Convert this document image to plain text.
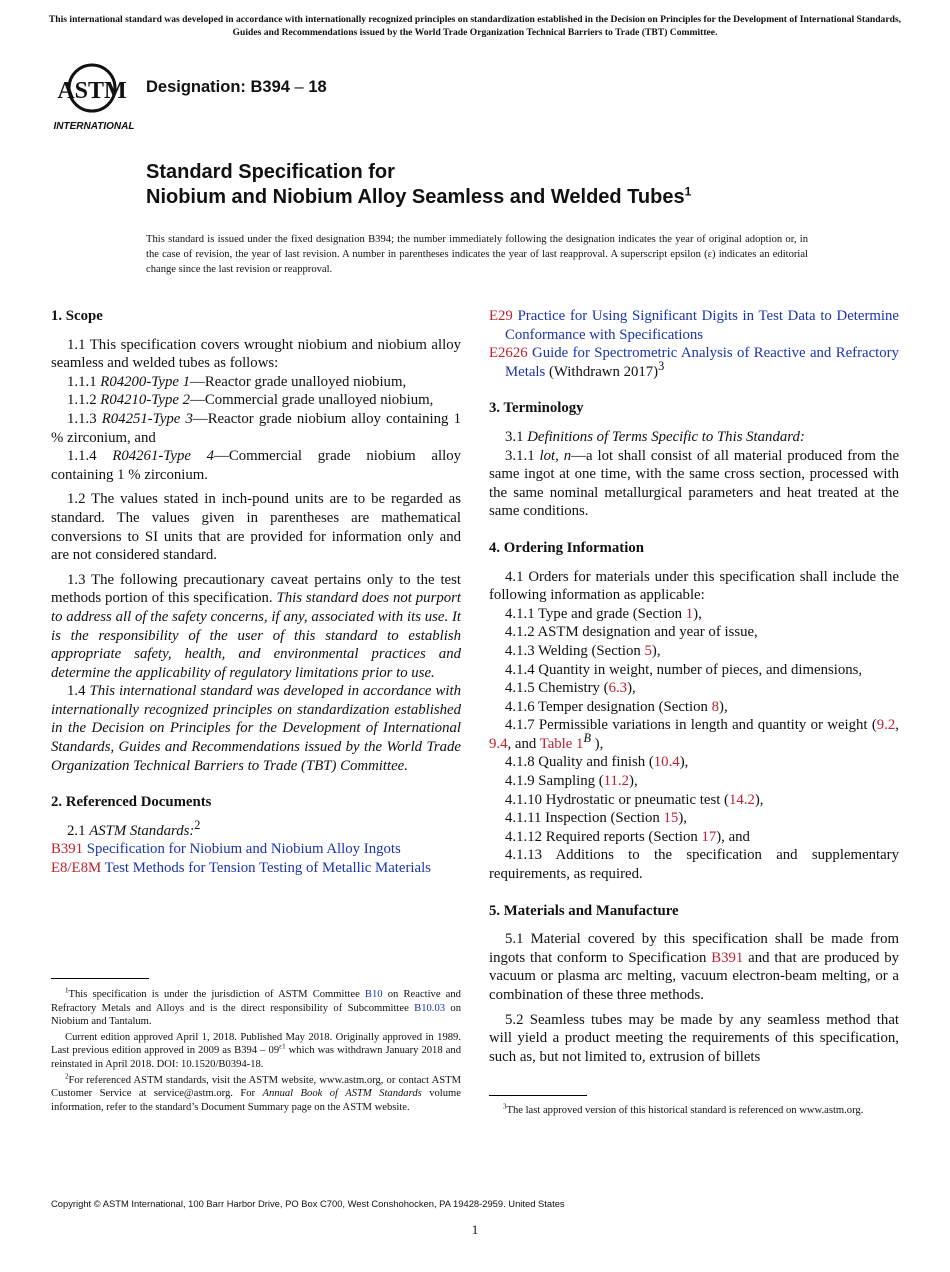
This international standard was developed in accordance with internationally recognized principles on standardization established in the Decision on Principles for the Development of International Standards, Guides and Recommendations issued by the World Trade Organization Technical Barriers to Trade (TBT) Committee.
ASTM
INTERNATIONAL
Designation: B394 – 18
Standard Specification for
Niobium and Niobium Alloy Seamless and Welded Tubes$^1$
This standard is issued under the fixed designation B394; the number immediately following the designation indicates the year of original adoption or, in the case of revision, the year of last revision. A number in parentheses indicates the year of last reapproval. A superscript epsilon (ε) indicates an editorial change since the last revision or reapproval.
1. Scope

1.1 This specification covers wrought niobium and niobium alloy seamless and welded tubes as follows:

1.1.1 R04200-Type 1—Reactor grade unalloyed niobium,

1.1.2 R04210-Type 2—Commercial grade unalloyed niobium,

1.1.3 R04251-Type 3—Reactor grade niobium alloy containing 1 % zirconium, and

1.1.4 R04261-Type 4—Commercial grade niobium alloy containing 1 % zirconium.

1.2 The values stated in inch-pound units are to be regarded as standard. The values given in parentheses are mathematical conversions to SI units that are provided for information only and are not considered standard.

1.3 The following precautionary caveat pertains only to the test methods portion of this specification. This standard does not purport to address all of the safety concerns, if any, associated with its use. It is the responsibility of the user of this standard to establish appropriate safety, health, and environmental practices and determine the applicability of regulatory limitations prior to use.

1.4 This international standard was developed in accordance with internationally recognized principles on standardization established in the Decision on Principles for the Development of International Standards, Guides and Recommendations issued by the World Trade Organization Technical Barriers to Trade (TBT) Committee.

2. Referenced Documents

2.1 ASTM Standards:$^2$

B391 Specification for Niobium and Niobium Alloy Ingots

E8/E8M Test Methods for Tension Testing of Metallic Materials

$^1$This specification is under the jurisdiction of ASTM Committee B10 on Reactive and Refractory Metals and Alloys and is the direct responsibility of Subcommittee B10.03 on Niobium and Tantalum.

Current edition approved April 1, 2018. Published May 2018. Originally approved in 1989. Last previous edition approved in 2009 as $B394 - 09^{\varepsilon 1}$ which was withdrawn January 2018 and reinstated in April 2018. DOI: 10.1520/B0394-18.

$^2$For referenced ASTM standards, visit the ASTM website, www.astm.org, or contact ASTM Customer Service at service@astm.org. For Annual Book of ASTM Standards volume information, refer to the standard’s Document Summary page on the ASTM website.

E29 Practice for Using Significant Digits in Test Data to Determine Conformance with Specifications

E2626 Guide for Spectrometric Analysis of Reactive and Refractory Metals (Withdrawn 2017)$^3$

3. Terminology

3.1 Definitions of Terms Specific to This Standard:

3.1.1 lot, n—a lot shall consist of all material produced from the same ingot at one time, with the same cross section, processed with the same nominal metallurgical parameters and heat treated at the same conditions.

4. Ordering Information

4.1 Orders for materials under this specification shall include the following information as applicable:

4.1.1 Type and grade (Section 1),

4.1.2 ASTM designation and year of issue,

4.1.3 Welding (Section 5),

4.1.4 Quantity in weight, number of pieces, and dimensions,

4.1.5 Chemistry (6.3),

4.1.6 Temper designation (Section 8),

4.1.7 Permissible variations in length and quantity or weight (9.2, 9.4, and Table $1^B$ ),

4.1.8 Quality and finish (10.4),

4.1.9 Sampling (11.2),

4.1.10 Hydrostatic or pneumatic test (14.2),

4.1.11 Inspection (Section 15),

4.1.12 Required reports (Section 17), and

4.1.13 Additions to the specification and supplementary requirements, as required.

5. Materials and Manufacture

5.1 Material covered by this specification shall be made from ingots that conform to Specification B391 and that are produced by vacuum or plasma arc melting, vacuum electron-beam melting, or a combination of these three methods.

5.2 Seamless tubes may be made by any seamless method that will yield a product meeting the requirements of this specification, such as, but not limited to, extrusion of billets

$^3$The last approved version of this historical standard is referenced on www.astm.org.

Copyright © ASTM International, 100 Barr Harbor Drive, PO Box C700, West Conshohocken, PA 19428-2959. United States
1
